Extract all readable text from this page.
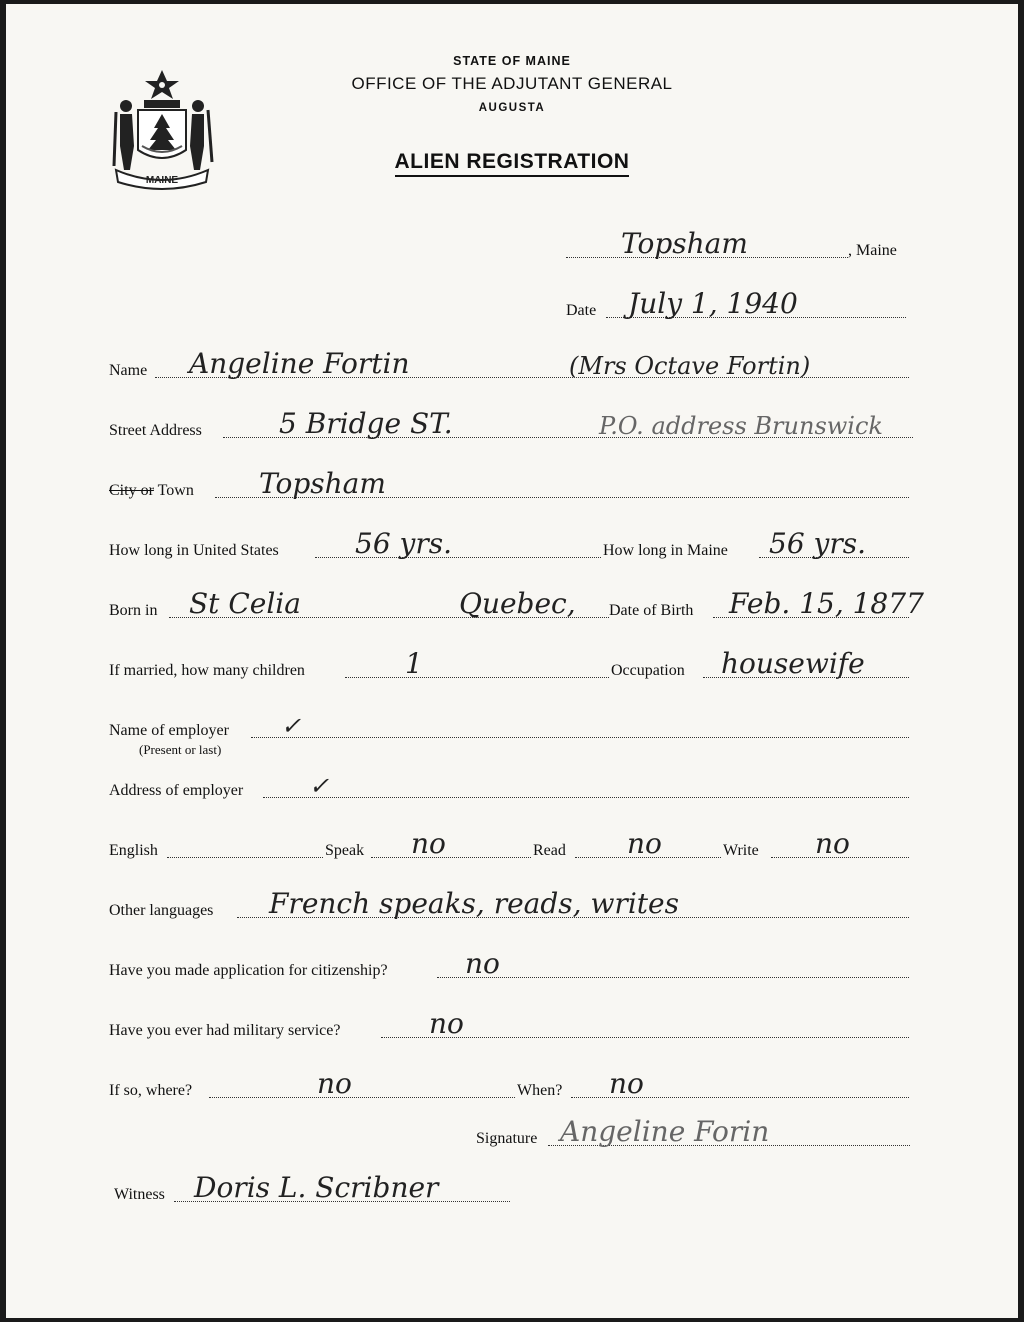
STATE OF MAINE
OFFICE OF THE ADJUTANT GENERAL
AUGUSTA
ALIEN REGISTRATION
MAINE
Topsham	, Maine
Date July 1, 1940
Name Angeline Fortin	(Mrs Octave Fortin)
Street Address	5 Bridge ST.	P.O. address Brunswick
City or Town Topsham
How long in United States	56 yrs.	How long in Maine 56 yrs.
Born in St Celia	Quebec, Date of Birth Feb. 15, 1877
If married, how many children	1	Occupation housewife
Name of employer ✓
(Present or last)
Address of employer	✓
English	Speak no	Read no	Write no
Other languages French speaks, reads, writes
Have you made application for citizenship?	no
Have you ever had military service?	no
If so, where?	no	When? no
Signature Angeline Forin
Witness Doris L. Scribner
